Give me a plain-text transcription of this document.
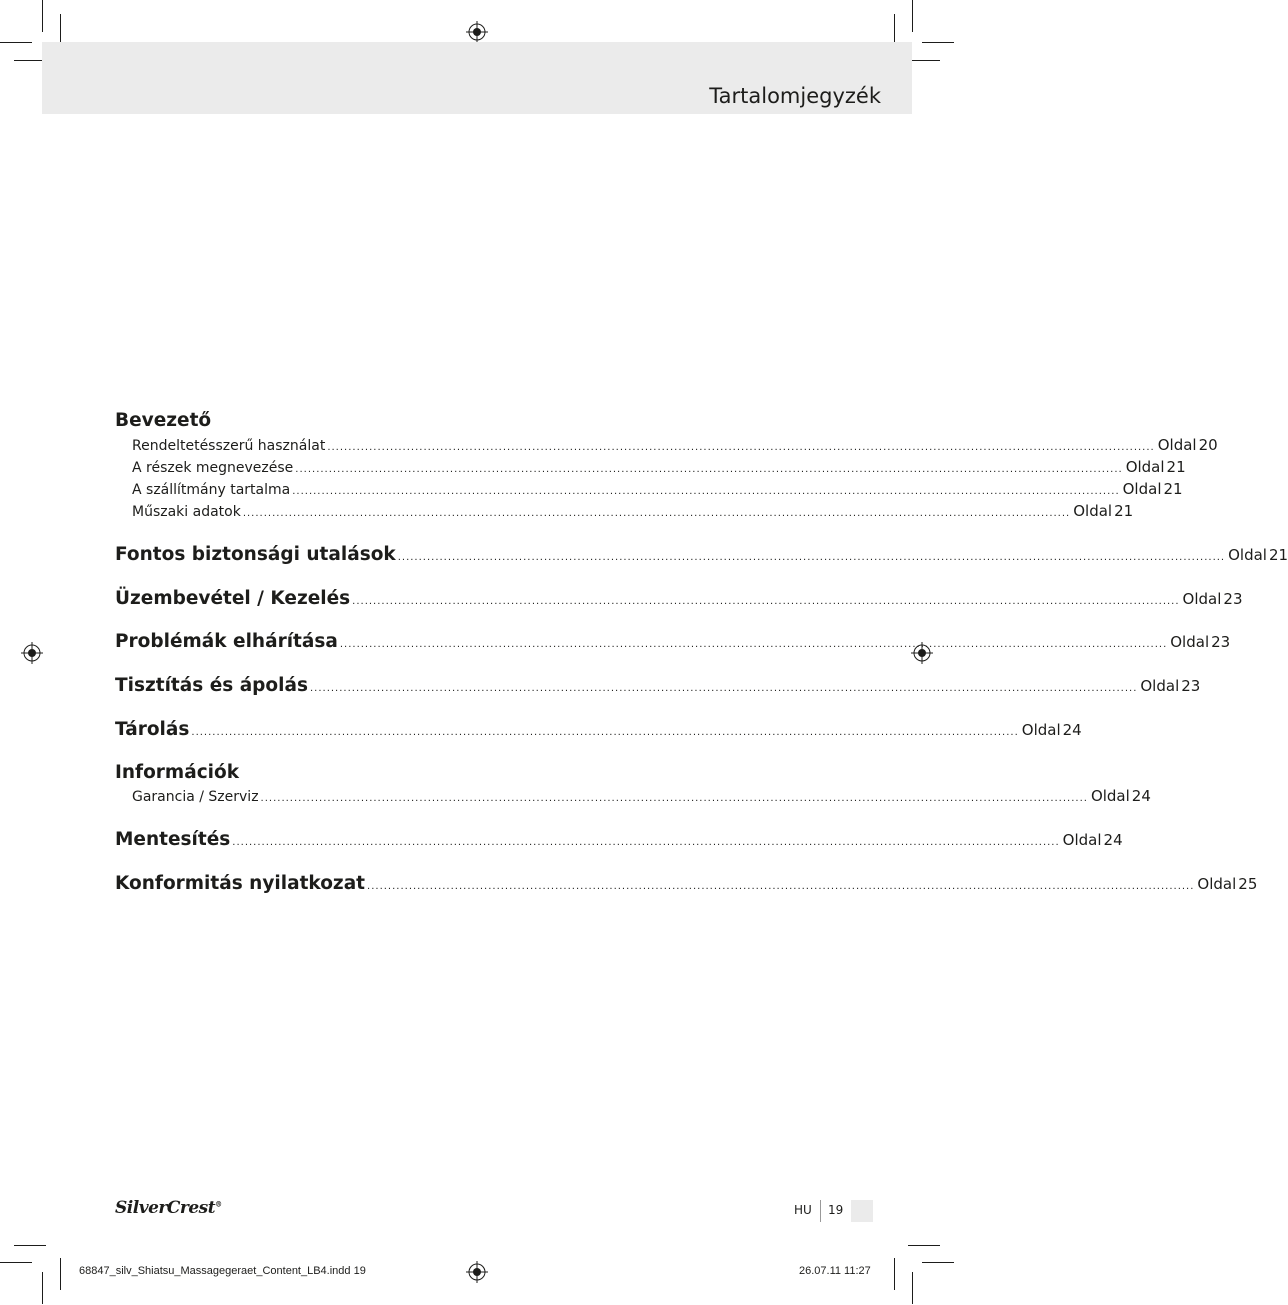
Tartalomjegyzék
Bevezető
Rendeltetésszerű használat ...................................................................................................................................................................................................... Oldal 20
A részek megnevezése ...................................................................................................................................................................................................... Oldal 21
A szállítmány tartalma ...................................................................................................................................................................................................... Oldal 21
Műszaki adatok ...................................................................................................................................................................................................... Oldal 21
Fontos biztonsági utalások ...................................................................................................................................................................................................... Oldal 21
Üzembevétel / Kezelés ...................................................................................................................................................................................................... Oldal 23
Problémák elhárítása ...................................................................................................................................................................................................... Oldal 23
Tisztítás és ápolás ...................................................................................................................................................................................................... Oldal 23
Tárolás ...................................................................................................................................................................................................... Oldal 24
Információk
Garancia / Szerviz ...................................................................................................................................................................................................... Oldal 24
Mentesítés ...................................................................................................................................................................................................... Oldal 24
Konformitás nyilatkozat ...................................................................................................................................................................................................... Oldal 25
SilverCrest®	HU 19
68847_silv_Shiatsu_Massagegeraet_Content_LB4.indd 19	26.07.11 11:27
